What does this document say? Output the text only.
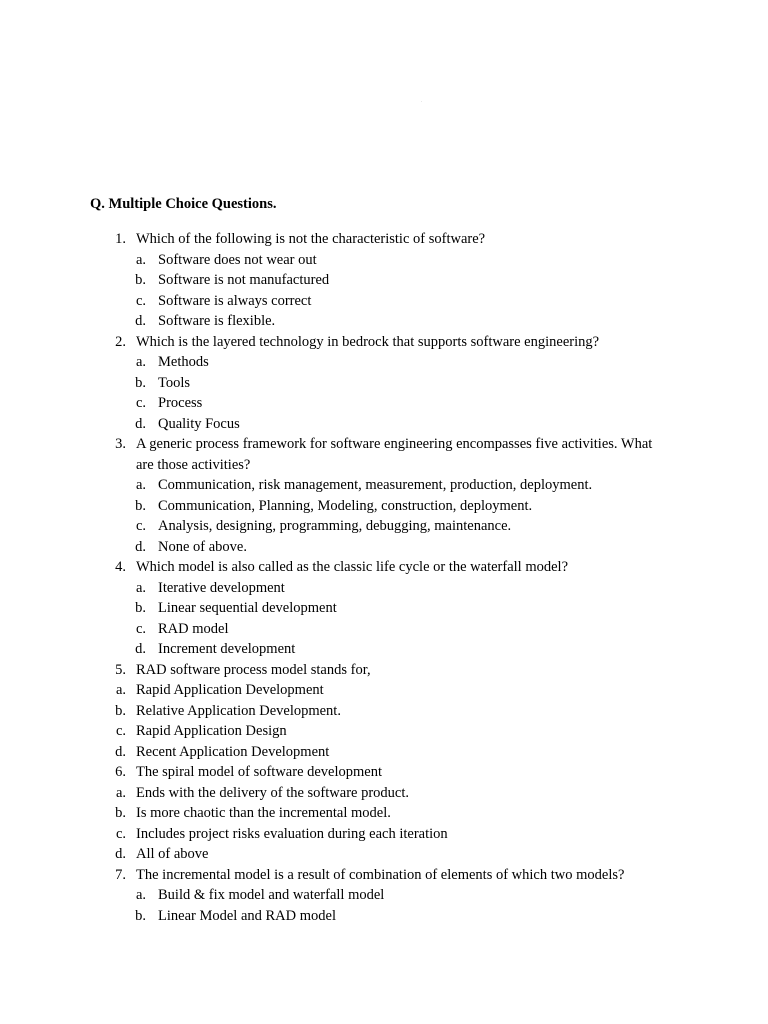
Q. Multiple Choice Questions.
1. Which of the following is not the characteristic of software?
a. Software does not wear out
b. Software is not manufactured
c. Software is always correct
d. Software is flexible.
2. Which is the layered technology in bedrock that supports software engineering?
a. Methods
b. Tools
c. Process
d. Quality Focus
3. A generic process framework for software engineering encompasses five activities. What
are those activities?
a. Communication, risk management, measurement, production, deployment.
b. Communication, Planning, Modeling, construction, deployment.
c. Analysis, designing, programming, debugging, maintenance.
d. None of above.
4. Which model is also called as the classic life cycle or the waterfall model?
a. Iterative development
b. Linear sequential development
c. RAD model
d. Increment development
5. RAD software process model stands for,
a. Rapid Application Development
b. Relative Application Development.
c. Rapid Application Design
d. Recent Application Development
6. The spiral model of software development
a. Ends with the delivery of the software product.
b. Is more chaotic than the incremental model.
c. Includes project risks evaluation during each iteration
d. All of above
7. The incremental model is a result of combination of elements of which two models?
a. Build & fix model and waterfall model
b. Linear Model and RAD model
